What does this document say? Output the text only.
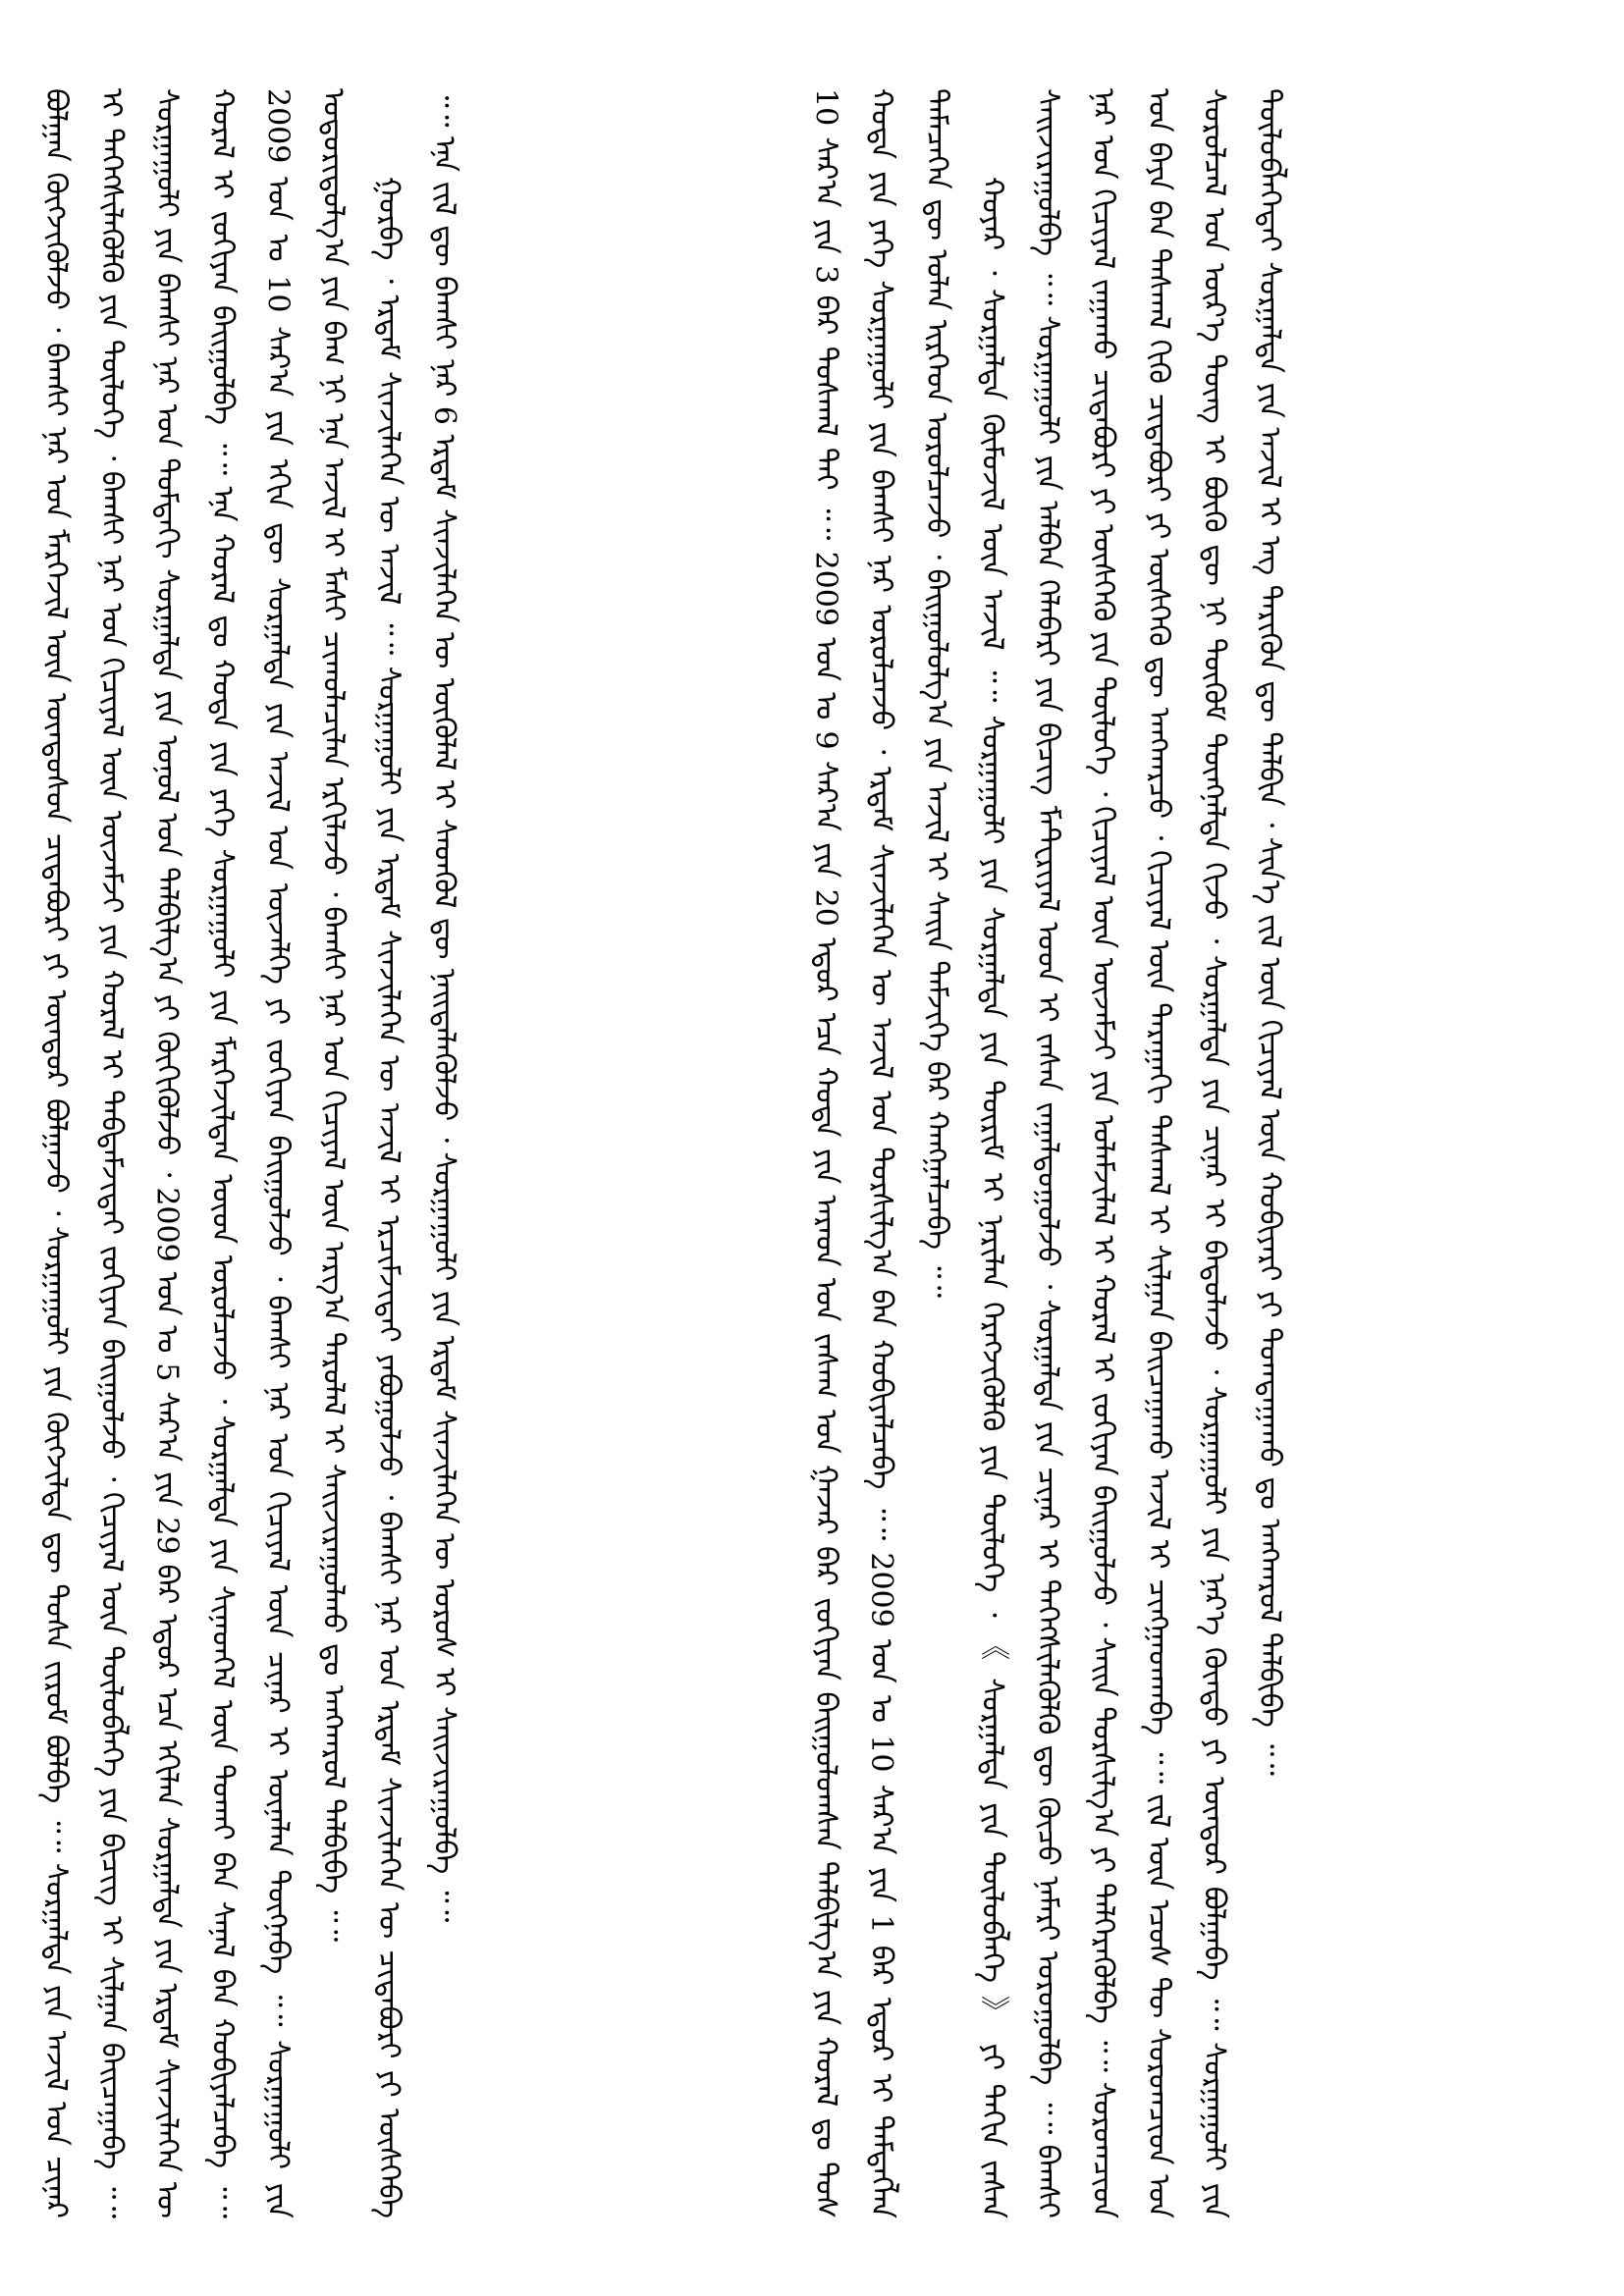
10 ᠰᠠᠷ᠎ᠠ ᠶᠢᠨ 3 ᠪᠡᠷ ᠳᠤᠰᠬᠠᠯ ᠲᠠᠢ ᠃᠃ 2009 ᠣᠨ ᠤ 9 ᠰᠠᠷ᠎ᠠ ᠶᠢᠨ 20 ᠡᠳᠦᠷ ᠡᠴᠡ ᠬᠣᠲᠠ ᠶᠢᠨ ᠠᠷᠠᠳ ᠤᠨ ᠵᠠᠰᠠᠭ ᠤᠨ ᠭᠠᠵᠠᠷ ᠪᠠᠷ ᠵᠣᠬᠢᠶᠠᠨ ᠪᠠᠢᠭᠤᠯᠤᠭᠰᠠᠨ ᠲᠠᠯᠪᠢᠯᠭ᠎ᠠ ᠶᠢᠨ ᠬᠤᠷᠠᠯ ᠳᠤ ᠲᠤᠰ ᠬᠣᠲᠠ ᠶᠢᠨ ᠶᠡᠬᠡ ᠰᠤᠷᠭᠠᠭᠤᠯᠢ ᠶᠢᠨ ᠪᠠᠭᠰᠢ ᠨᠠᠷ ᠣᠷᠤᠯᠴᠠᠵᠤ ᠂ ᠡᠷᠳᠡᠮ ᠰᠢᠨᠵᠢᠯᠡᠭᠡᠨ ᠦ ᠠᠵᠢᠯ ᠤᠨ ᠲᠤᠷᠰᠢᠯᠭ᠎ᠠ ᠪᠠᠨ ᠬᠤᠪᠢᠶᠠᠯᠴᠠᠪᠠ ᠃᠃ 2009 ᠣᠨ ᠤ 10 ᠰᠠᠷ᠎ᠠ ᠶᠢᠨ 1 ᠪᠡᠷ ᠡᠳᠦᠷ ᠢ ᠲᠡᠮᠳᠡᠭᠯᠡᠨ ᠲᠡᠮᠡᠴᠡᠭᠡᠨ ᠳᠦ ᠣᠯᠠᠨ ᠢᠷᠭᠡᠳ ᠣᠷᠤᠯᠴᠠᠵᠤ ᠂ ᠪᠠᠢᠭᠤᠯᠤᠯᠭ᠎ᠠ ᠶᠢᠨ ᠠᠵᠢᠯ ᠢ ᠰᠠᠢᠨ ᠳᠡᠮᠵᠢᠭᠡ ᠪᠡᠷ ᠬᠠᠩᠭᠠᠯᠴᠠᠪᠠ ᠃᠃ ᠬᠣᠶᠠᠷ ᠂ ᠰᠤᠷᠭᠠᠯᠲᠠ ᠬᠦᠮᠦᠵᠢᠯ ᠦᠨ ᠠᠵᠢᠯ ᠃᠃ ᠰᠤᠷᠭᠠᠭᠤᠯᠢ ᠶᠢᠨ ᠰᠤᠷᠭᠠᠯᠲᠠ ᠶᠢᠨ ᠳᠦᠷᠢᠮ ᠢ ᠨᠠᠷᠢᠯᠠᠨ ᠬᠡᠷᠡᠭᠵᠢᠭᠦᠯᠬᠦ ᠶᠢᠨ ᠲᠥᠯᠥᠭᠡ ᠂ 《 ᠰᠤᠷᠭᠠᠯᠲᠠ ᠶᠢᠨ ᠲᠥᠯᠥᠪᠯᠡᠭᠡ 》 ᠶᠢ ᠳᠠᠬᠢᠨ ᠵᠠᠰᠠᠨ ᠰᠠᠢᠵᠢᠷᠠᠭᠤᠯᠪᠠ ᠃᠃ ᠰᠤᠷᠭᠠᠭᠤᠯᠢ ᠶᠢᠨ ᠠᠯᠪᠠᠨ ᠬᠡᠯᠡᠪᠡᠷᠢ ᠶᠢᠨ ᠪᠢᠴᠢᠭ ᠮᠠᠲ᠋ᠧᠷᠢᠶᠠᠯ ᠤᠳ ᠢ ᠵᠠᠰᠠᠨ ᠵᠠᠭᠠᠯᠳᠤᠭᠤᠯᠵᠤ ᠂ ᠰᠤᠷᠭᠠᠯᠲᠠ ᠶᠢᠨ ᠴᠢᠨᠠᠷ ᠢ ᠳᠡᠭᠡᠭᠰᠢᠯᠡᠭᠦᠯᠬᠦ ᠳᠦ ᠬᠦᠴᠦ ᠨᠡᠮᠡᠷᠢ ᠣᠷᠤᠭᠤᠯᠪᠠ ᠃᠃ ᠪᠠᠭᠰᠢ ᠨᠠᠷ ᠤᠨ ᠬᠢᠴᠢᠶᠡᠯ ᠵᠠᠭᠠᠬᠤ ᠴᠢᠳᠠᠪᠤᠷᠢ ᠶᠢ ᠥᠰᠬᠡᠬᠦ ᠶᠢᠨ ᠲᠥᠯᠥᠭᠡ ᠂ ᠬᠢᠴᠢᠶᠡᠯ ᠦᠨ ᠦᠵᠡᠮᠵᠢ ᠶᠢᠨ ᠤᠯᠠᠮᠵᠢᠯᠠᠯ ᠢ ᠬᠤᠷᠠᠯ ᠢ ᠵᠣᠬᠢᠶᠠᠨ ᠪᠠᠢᠭᠤᠯᠵᠤ ᠂ ᠰᠠᠢᠨ ᠲᠤᠷᠰᠢᠯᠭ᠎ᠠ ᠶᠢ ᠳᠡᠯᠭᠡᠷᠡᠭᠦᠯᠪᠡ ᠃᠃ ᠰᠤᠷᠤᠭᠴᠢᠳ ᠤᠨ ᠪᠡᠶᠡ ᠪᠡᠨ ᠳᠠᠰᠬᠠᠯ ᠬᠢᠬᠦ ᠴᠢᠳᠠᠪᠤᠷᠢ ᠶᠢ ᠥᠰᠬᠡᠬᠦ ᠳᠦ ᠠᠨᠭᠬᠠᠷᠴᠤ ᠂ ᠬᠢᠴᠢᠶᠡᠯ ᠦᠨ ᠳᠠᠷᠠᠭᠠᠬᠢ ᠳᠠᠰᠬᠠᠯ ᠢ ᠰᠢᠯᠭᠠᠨ ᠪᠠᠢᠴᠠᠭᠠᠬᠤ ᠠᠵᠢᠯ ᠢ ᠴᠢᠩᠭᠠᠳᠬᠠᠪᠠ ᠃᠃ ᠵᠢᠯ ᠦᠨ ᠡᠴᠦᠰ ᠲᠦ ᠰᠤᠷᠤᠭᠴᠢᠳ ᠤᠨ ᠰᠤᠷᠤᠯᠴᠠᠯ ᠤᠨ ᠦᠷ᠎ᠡ ᠳᠦᠩ ᠢ ᠪᠦᠬᠦ ᠳᠦ ᠨᠢ ᠳᠦᠭᠦᠮ ᠳᠦᠩᠨᠡᠯᠲᠡ ᠬᠢᠵᠦ ᠂ ᠰᠤᠷᠭᠠᠯᠲᠠ ᠶᠢᠨ ᠴᠢᠨᠠᠷ ᠢ ᠪᠠᠲᠤᠯᠠᠵᠤ ᠂ ᠰᠤᠷᠭᠠᠭᠤᠯᠢ ᠶᠢᠨ ᠨᠡᠷ᠎ᠡ ᠬᠦᠨᠳᠦ ᠶᠢ ᠥᠨᠳᠦᠷ ᠪᠣᠯᠭᠠᠪᠠ ᠃᠃ ᠰᠤᠷᠭᠠᠭᠤᠯᠢ ᠶᠢᠨ ᠲᠥᠯᠥᠪᠯᠡᠭᠡᠲᠡᠢ ᠰᠤᠷᠭᠠᠯᠲᠠ ᠶᠢᠨ ᠠᠵᠢᠯ ᠢ ᠡᠩ ᠲᠡᠷᠢᠭᠦᠨ ᠳᠦ ᠲᠠᠯᠪᠢᠨ ᠂ ᠰᠢᠨ᠎ᠡ ᠵᠢᠯ ᠦᠨ ᠬᠢᠴᠢᠶᠡᠯ ᠦᠨ ᠬᠤᠪᠢᠶᠠᠷᠢ ᠶᠢ ᠲᠣᠭᠲᠠᠭᠠᠬᠤ ᠳᠤ ᠠᠩᠬᠠᠷᠤᠯ ᠲᠠᠯᠪᠢᠪᠠ ᠃᠃

ᠪᠣᠯᠭᠠᠨ ᠬᠥᠭᠵᠢᠭᠦᠯᠵᠦ ᠂ ᠪᠠᠭᠰᠢ ᠨᠠᠷ ᠤᠨ ᠮᠡᠷᠭᠡᠵᠢᠯ ᠦᠨ ᠦᠨᠳᠦᠰᠦᠨ ᠴᠢᠳᠠᠪᠤᠷᠢ ᠶᠢ ᠥᠨᠳᠦᠷ ᠪᠣᠯᠭᠠᠵᠤ ᠂ ᠰᠤᠷᠭᠠᠭᠤᠯᠢ ᠶᠢᠨ ᠬᠥᠭᠵᠢᠯᠲᠡ ᠳᠦ ᠲᠤᠰᠠ ᠵᠢᠷᠤᠮ ᠪᠣᠯᠪᠠ ᠃᠃ ᠰᠤᠷᠭᠠᠯᠲᠠ ᠶᠢᠨ ᠠᠵᠢᠯ ᠤᠨ ᠴᠢᠨᠠᠷ ᠢ ᠳᠡᠭᠡᠭᠰᠢᠯᠡᠭᠦᠯᠬᠦ ᠶᠢᠨ ᠲᠥᠯᠥᠭᠡ ᠂ ᠪᠠᠭᠰᠢ ᠨᠠᠷ ᠤᠨ ᠬᠢᠴᠢᠶᠡᠯ ᠦᠨ ᠦᠵᠡᠮᠵᠢ ᠶᠢᠨ ᠬᠤᠷᠠᠯ ᠢ ᠳᠠᠪᠲᠠᠮᠵᠢᠲᠠᠢ ᠵᠣᠬᠢᠶᠠᠨ ᠪᠠᠢᠭᠤᠯᠵᠤ ᠂ ᠬᠢᠴᠢᠶᠡᠯ ᠦᠨ ᠲᠥᠯᠥᠪᠯᠡᠭᠡ ᠶᠢᠨ ᠪᠢᠴᠢᠭ ᠢ ᠰᠢᠯᠭᠠᠨ ᠪᠠᠢᠴᠠᠭᠠᠪᠠ ᠃᠃ ᠰᠤᠷᠭᠠᠭᠤᠯᠢ ᠶᠢᠨ ᠪᠠᠭᠰᠢ ᠨᠠᠷ ᠤᠨ ᠳᠤᠮᠳᠠᠬᠢ ᠰᠤᠷᠭᠠᠯᠲᠠ ᠶᠢᠨ ᠣᠨᠤᠯ ᠤᠨ ᠲᠠᠯᠪᠢᠯᠭ᠎ᠠ ᠶᠢ ᠬᠥᠬᠢᠭᠦᠯᠵᠦ ᠂ 2009 ᠣᠨ ᠤ 5 ᠰᠠᠷ᠎ᠠ ᠶᠢᠨ 29 ᠪᠡᠷ ᠡᠳᠦᠷ ᠡᠴᠡ ᠡᠬᠢᠯᠡᠨ ᠰᠤᠷᠭᠠᠯᠲᠠ ᠶᠢᠨ ᠡᠷᠳᠡᠮ ᠰᠢᠨᠵᠢᠯᠡᠭᠡᠨ ᠦ ᠬᠤᠷᠠᠯ ᠢ ᠵᠣᠬᠢᠶᠠᠨ ᠪᠠᠢᠭᠤᠯᠪᠠ ᠃᠃ ᠡᠨᠡ ᠬᠤᠷᠠᠯ ᠳᠤ ᠬᠣᠲᠠ ᠶᠢᠨ ᠶᠡᠬᠡ ᠰᠤᠷᠭᠠᠭᠤᠯᠢ ᠶᠢᠨ ᠮᠡᠷᠭᠡᠵᠢᠯᠲᠡᠨ ᠦᠳ ᠣᠷᠤᠯᠴᠠᠵᠤ ᠂ ᠰᠤᠷᠭᠠᠯᠲᠠ ᠶᠢᠨ ᠰᠢᠨᠡᠳᠬᠡᠯ ᠦᠨ ᠲᠤᠬᠠᠢ ᠪᠠᠨ ᠰᠠᠨᠠᠯ ᠪᠠᠨ ᠬᠤᠪᠢᠶᠠᠯᠴᠠᠪᠠ ᠃᠃ 2009 ᠣᠨ ᠤ 10 ᠰᠠᠷ᠎ᠠ ᠶᠢᠨ ᠡᠬᠢᠨ ᠳᠦ ᠰᠤᠷᠭᠠᠯᠲᠠ ᠶᠢᠨ ᠠᠵᠢᠯ ᠤᠨ ᠦᠵᠡᠯᠭᠡ ᠶᠢ ᠵᠣᠬᠢᠶᠠᠨ ᠪᠠᠢᠭᠤᠯᠵᠤ ᠂ ᠪᠠᠭᠰᠢ ᠨᠠᠷ ᠤᠨ ᠬᠢᠴᠢᠶᠡᠯ ᠦᠨ ᠴᠢᠨᠠᠷ ᠢ ᠦᠨᠡᠯᠡᠨ ᠳᠦᠭᠨᠡᠪᠡ ᠃᠃ ᠰᠤᠷᠭᠠᠭᠤᠯᠢ ᠶᠢᠨ ᠤᠳᠤᠷᠢᠳᠤᠯᠭ᠎ᠠ ᠶᠢᠨ ᠪᠠᠭ ᠨᠢ ᠡᠨᠡ ᠠᠵᠢᠯ ᠢ ᠮᠠᠰᠢ ᠴᠢᠬᠤᠯᠠᠴᠢᠯᠠᠨ ᠡᠷᠬᠢᠯᠡᠵᠦ ᠂ ᠪᠠᠭᠰᠢ ᠨᠠᠷ ᠤᠨ ᠬᠢᠴᠢᠶᠡᠯ ᠦᠨ ᠠᠷᠭ᠎ᠠ ᠳᠠᠷᠤᠯᠠᠯ ᠢ ᠰᠠᠢᠵᠢᠷᠠᠭᠤᠯᠬᠤ ᠳᠤ ᠠᠩᠬᠠᠷᠤᠯ ᠲᠠᠯᠪᠢᠪᠠ ᠃᠃ ᠭᠤᠷᠪᠠ ᠂ ᠡᠷᠳᠡᠮ ᠰᠢᠨᠵᠢᠯᠡᠭᠡᠨ ᠦ ᠠᠵᠢᠯ ᠃᠃ ᠰᠤᠷᠭᠠᠭᠤᠯᠢ ᠶᠢᠨ ᠡᠷᠳᠡᠮ ᠰᠢᠨᠵᠢᠯᠡᠭᠡᠨ ᠦ ᠠᠵᠢᠯ ᠢ ᠡᠷᠴᠢᠮᠵᠢᠲᠡᠢ ᠶᠠᠪᠤᠭᠤᠯᠵᠤ ᠂ ᠪᠠᠭᠰᠢ ᠨᠠᠷ ᠤᠨ ᠡᠷᠳᠡᠮ ᠰᠢᠨᠵᠢᠯᠡᠭᠡᠨ ᠦ ᠴᠢᠳᠠᠪᠤᠷᠢ ᠶᠢ ᠥᠰᠬᠡᠪᠡ ᠃᠃ ᠡᠨᠡ ᠵᠢᠯ ᠳᠦ ᠪᠠᠭᠰᠢ ᠨᠠᠷ 6 ᠡᠷᠳᠡᠮ ᠰᠢᠨᠵᠢᠯᠡᠭᠡᠨ ᠦ ᠥᠭᠦᠯᠡᠯ ᠢ ᠰᠡᠳᠬᠦᠯ ᠳᠦ ᠨᠡᠢᠲᠡᠯᠡᠭᠦᠯᠵᠦ ᠂ ᠰᠤᠷᠭᠠᠭᠤᠯᠢ ᠶᠢᠨ ᠡᠷᠳᠡᠮ ᠰᠢᠨᠵᠢᠯᠡᠭᠡᠨ ᠦ ᠤᠷᠤᠰ ᠢ ᠰᠠᠢᠵᠢᠷᠠᠭᠤᠯᠪᠠ ᠃᠃
